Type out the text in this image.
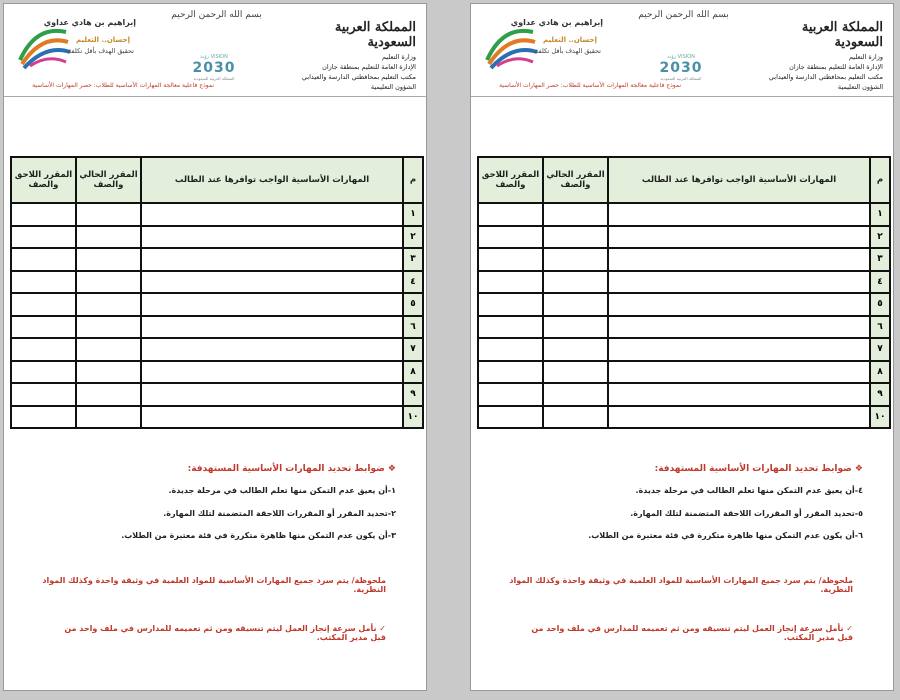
بسم الله الرحمن الرحيم
المملكة العربية السعودية
وزارة التعليم
الإدارة العامة للتعليم بمنطقة جازان
مكتب التعليم بمحافظتي الدارسة والعيدابي
الشؤون التعليمية
VISION رؤية
2030
المملكة العربية السعودية
إبراهيم بن هادي عداوي
إحسان.. التعليم
تحقيق الهدف بأقل تكلفة
نموذج فاعلية معالجة المهارات الأساسية للطلاب: حصر المهارات الأساسية
م	المهارات الأساسية الواجب توافرها عند الطالب	المقرر الحالي والصف	المقرر اللاحق والصف
١			
٢			
٣			
٤			
٥			
٦			
٧			
٨			
٩			
١٠			
❖ ضوابط تحديد المهارات الأساسية المستهدفة:
١-أن يعيق عدم التمكن منها تعلم الطالب في مرحلة جديدة.
٢-تحديد المقرر أو المقررات اللاحقة المتضمنة لتلك المهارة.
٣-أن يكون عدم التمكن منها ظاهرة متكررة في فئة معتبرة من الطلاب.
ملحوظة/ يتم سرد جميع المهارات الأساسية للمواد العلمية في وثيقة واحدة وكذلك المواد النظرية.
✓ نأمل سرعة إنجاز العمل ليتم تنسيقه ومن ثم تعميمه للمدارس في ملف واحد من قبل مدير المكتب.
بسم الله الرحمن الرحيم
المملكة العربية السعودية
وزارة التعليم
الإدارة العامة للتعليم بمنطقة جازان
مكتب التعليم بمحافظتي الدارسة والعيدابي
الشؤون التعليمية
VISION رؤية
2030
المملكة العربية السعودية
إبراهيم بن هادي عداوي
إحسان.. التعليم
تحقيق الهدف بأقل تكلفة
نموذج فاعلية معالجة المهارات الأساسية للطلاب: حصر المهارات الأساسية
م	المهارات الأساسية الواجب توافرها عند الطالب	المقرر الحالي والصف	المقرر اللاحق والصف
١			
٢			
٣			
٤			
٥			
٦			
٧			
٨			
٩			
١٠			
❖ ضوابط تحديد المهارات الأساسية المستهدفة:
٤-أن يعيق عدم التمكن منها تعلم الطالب في مرحلة جديدة.
٥-تحديد المقرر أو المقررات اللاحقة المتضمنة لتلك المهارة.
٦-أن يكون عدم التمكن منها ظاهرة متكررة في فئة معتبرة من الطلاب.
ملحوظة/ يتم سرد جميع المهارات الأساسية للمواد العلمية في وثيقة واحدة وكذلك المواد النظرية.
✓ نأمل سرعة إنجاز العمل ليتم تنسيقه ومن ثم تعميمه للمدارس في ملف واحد من قبل مدير المكتب.
